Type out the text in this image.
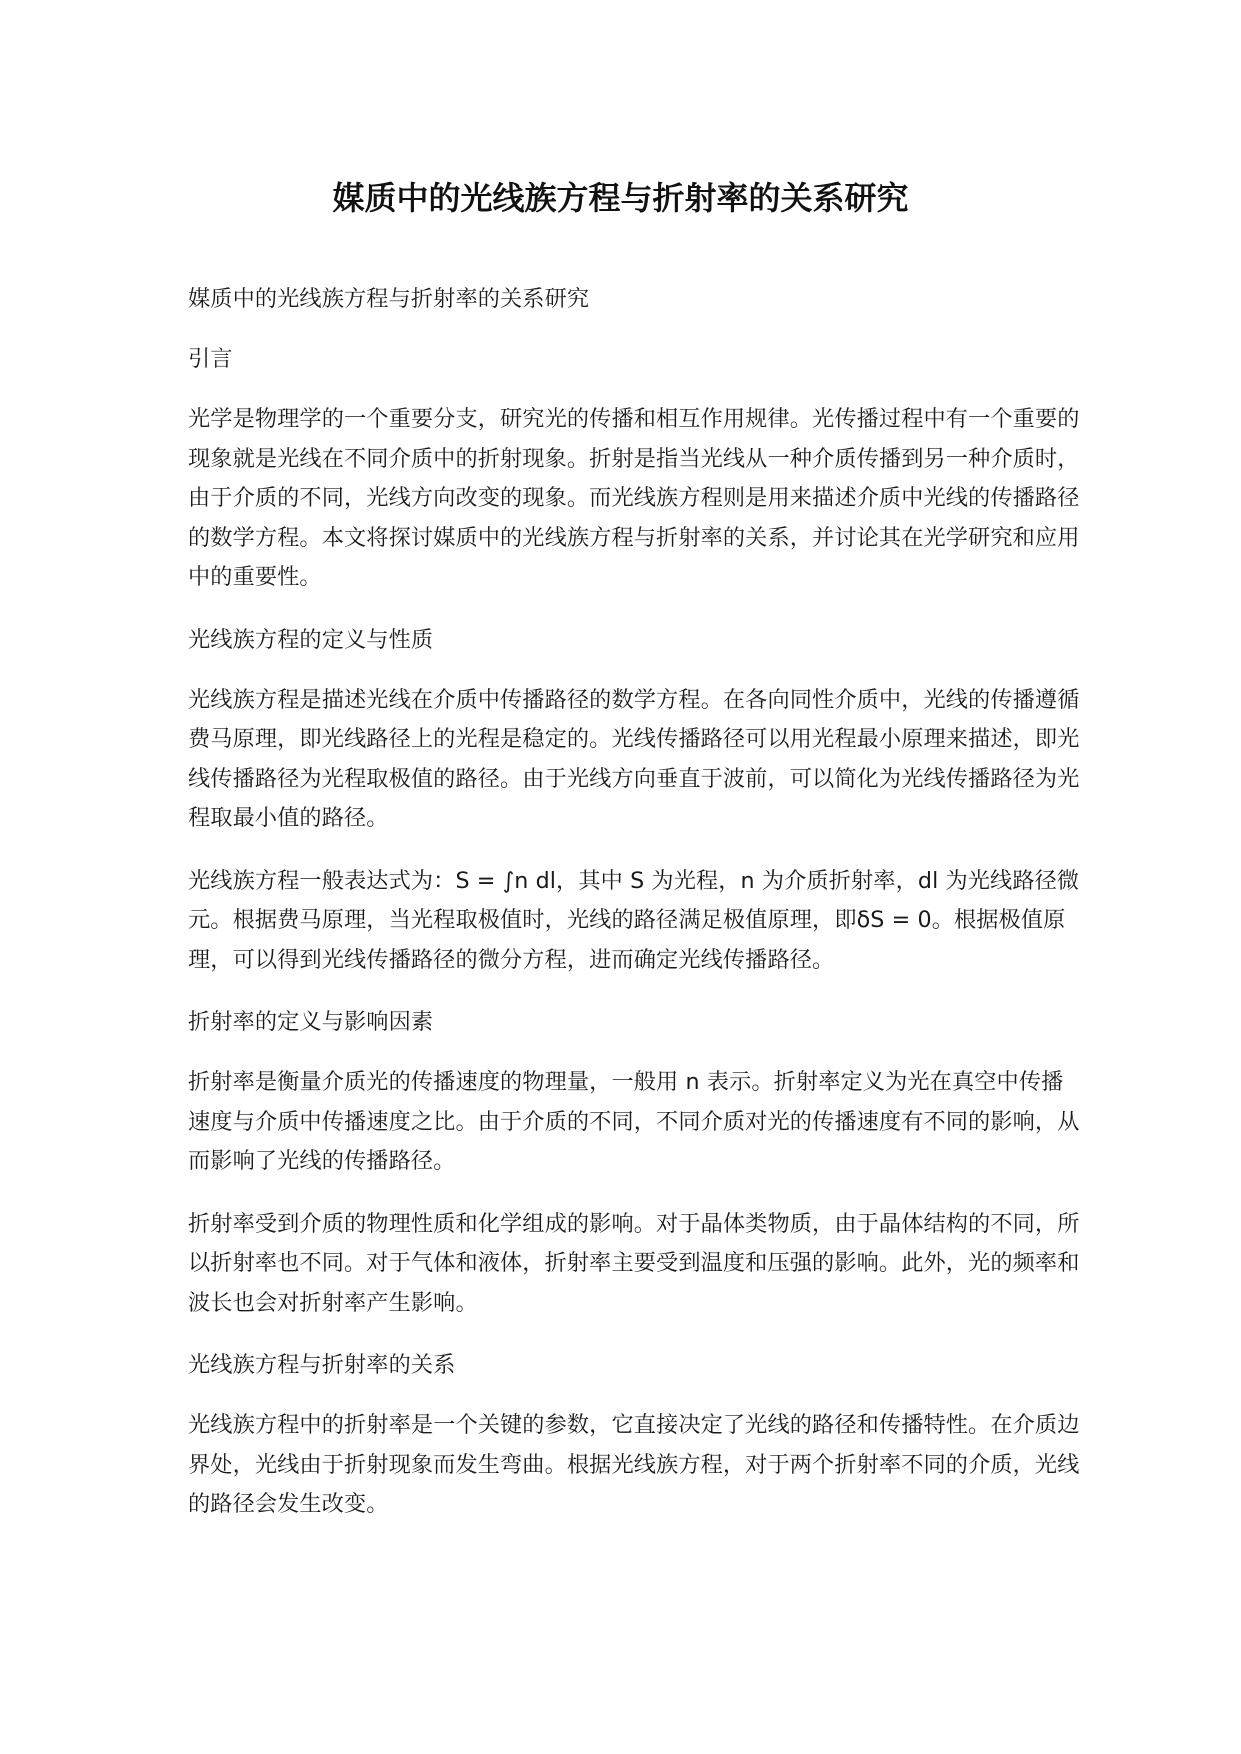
媒质中的光线族方程与折射率的关系研究

媒质中的光线族方程与折射率的关系研究

引言

光学是物理学的一个重要分支，研究光的传播和相互作用规律。光传播过程中有一个重要的现象就是光线在不同介质中的折射现象。折射是指当光线从一种介质传播到另一种介质时，由于介质的不同，光线方向改变的现象。而光线族方程则是用来描述介质中光线的传播路径的数学方程。本文将探讨媒质中的光线族方程与折射率的关系，并讨论其在光学研究和应用中的重要性。

光线族方程的定义与性质

光线族方程是描述光线在介质中传播路径的数学方程。在各向同性介质中，光线的传播遵循费马原理，即光线路径上的光程是稳定的。光线传播路径可以用光程最小原理来描述，即光线传播路径为光程取极值的路径。由于光线方向垂直于波前，可以简化为光线传播路径为光程取最小值的路径。

光线族方程一般表达式为：S = ∫n dl，其中 S 为光程，n 为介质折射率，dl 为光线路径微元。根据费马原理，当光程取极值时，光线的路径满足极值原理，即δS = 0。根据极值原理，可以得到光线传播路径的微分方程，进而确定光线传播路径。

折射率的定义与影响因素

折射率是衡量介质光的传播速度的物理量，一般用 n 表示。折射率定义为光在真空中传播速度与介质中传播速度之比。由于介质的不同，不同介质对光的传播速度有不同的影响，从而影响了光线的传播路径。

折射率受到介质的物理性质和化学组成的影响。对于晶体类物质，由于晶体结构的不同，所以折射率也不同。对于气体和液体，折射率主要受到温度和压强的影响。此外，光的频率和波长也会对折射率产生影响。

光线族方程与折射率的关系

光线族方程中的折射率是一个关键的参数，它直接决定了光线的路径和传播特性。在介质边界处，光线由于折射现象而发生弯曲。根据光线族方程，对于两个折射率不同的介质，光线的路径会发生改变。
